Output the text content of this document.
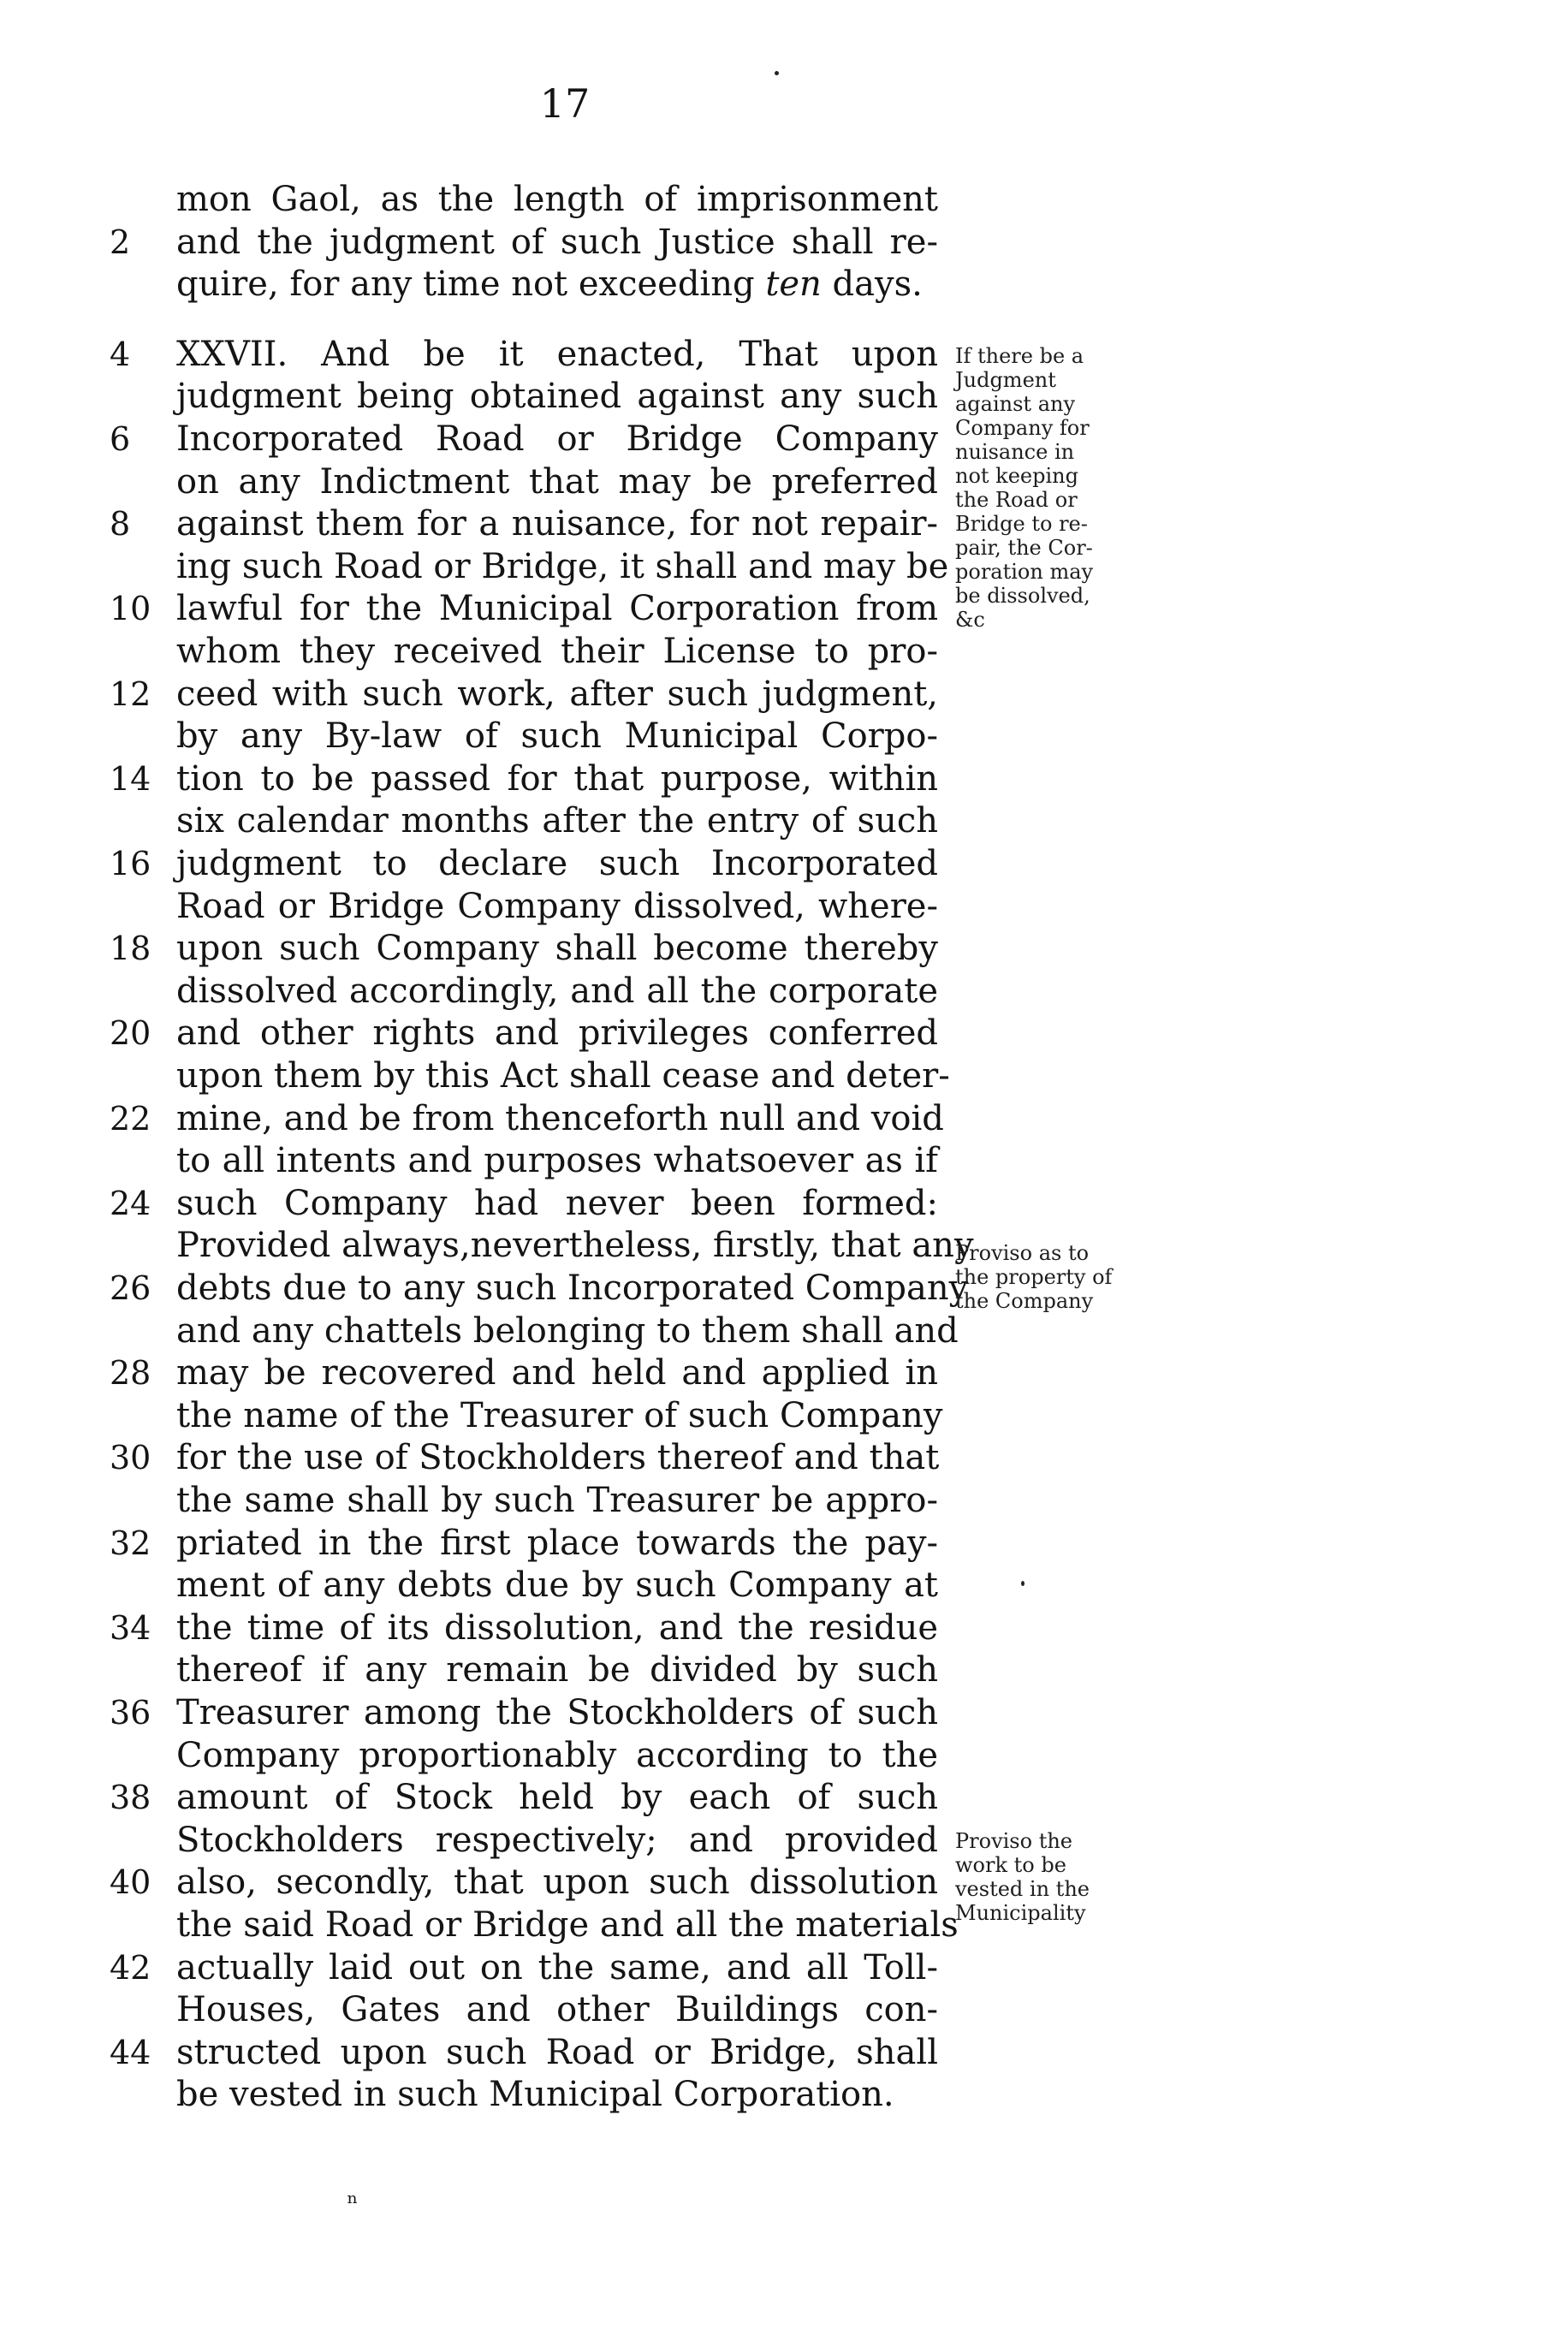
17
mon Gaol, as the length of imprisonment
2	and the judgment of such Justice shall re-
quire, for any time not exceeding ten days.
4	XXVII. And be it enacted, That upon
judgment being obtained against any such
6	Incorporated Road or Bridge Company
on any Indictment that may be preferred
8	against them for a nuisance, for not repair-
ing such Road or Bridge, it shall and may be
10 lawful for the Municipal Corporation from
whom they received their License to pro-
12 ceed with such work, after such judgment,
by any By-law of such Municipal Corpo-
14 tion to be passed for that purpose, within
six calendar months after the entry of such
16 judgment to declare such Incorporated
Road or Bridge Company dissolved, where-
18 upon such Company shall become thereby
dissolved accordingly, and all the corporate
20 and other rights and privileges conferred
upon them by this Act shall cease and deter-
22 mine, and be from thenceforth null and void
to all intents and purposes whatsoever as if
24 such Company had never been formed:
Provided always,nevertheless, firstly, that any
26 debts due to any such Incorporated Company
and any chattels belonging to them shall and
28 may be recovered and held and applied in
the name of the Treasurer of such Company
30 for the use of Stockholders thereof and that
the same shall by such Treasurer be appro-
32 priated in the first place towards the pay-
ment of any debts due by such Company at
34 the time of its dissolution, and the residue
thereof if any remain be divided by such
36 Treasurer among the Stockholders of such
Company proportionably according to the
38 amount of Stock held by each of such
Stockholders respectively; and provided
40 also, secondly, that upon such dissolution
the said Road or Bridge and all the materials
42 actually laid out on the same, and all Toll-
Houses, Gates and other Buildings con-
44 structed upon such Road or Bridge, shall
be vested in such Municipal Corporation.
If there be a
Judgment
against any
Company for
nuisance in
not keeping
the Road or
Bridge to re-
pair, the Cor-
poration may
be dissolved,
&c
Proviso as to
the property of
the Company
Proviso the
work to be
vested in the
Municipality
ⁿ
